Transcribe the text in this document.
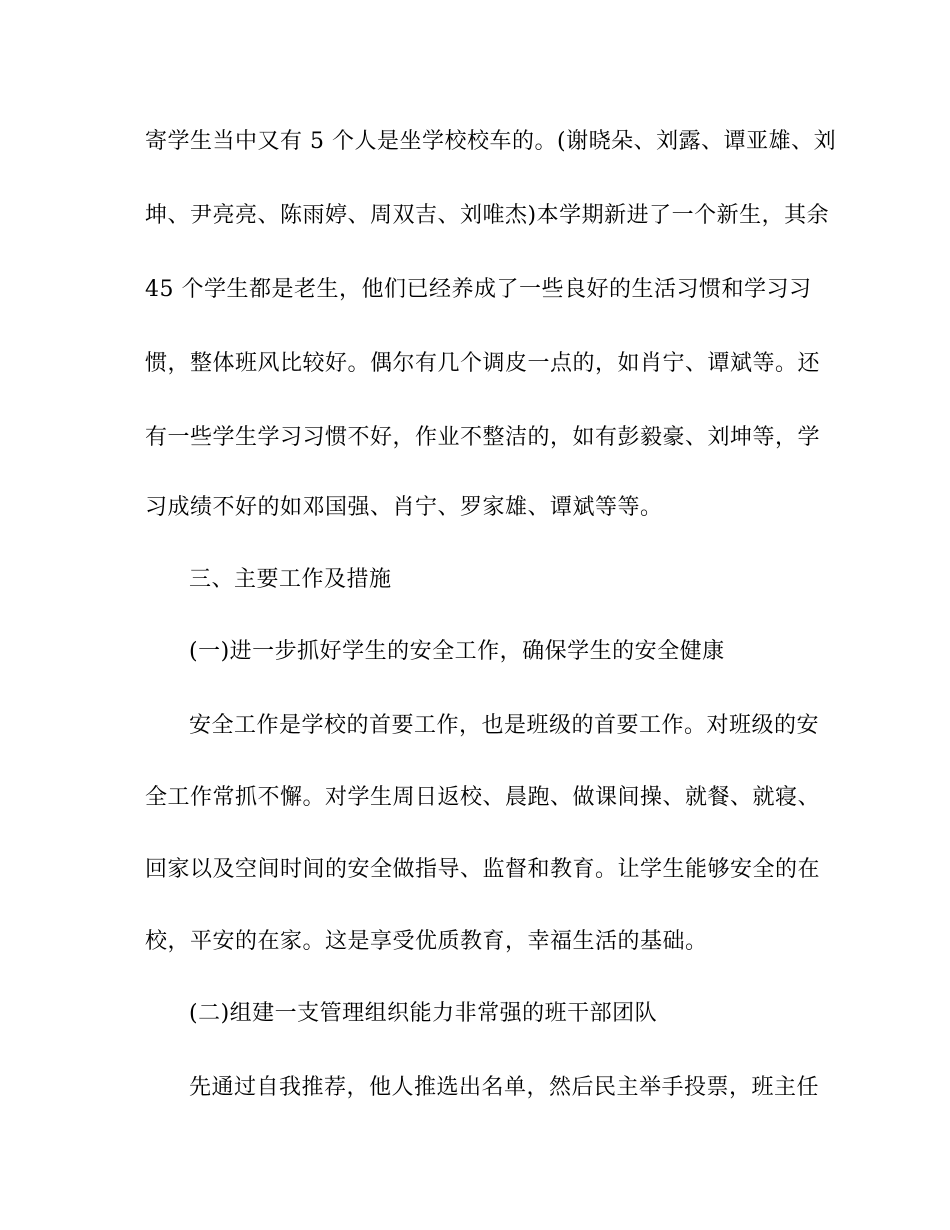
寄学生当中又有 5 个人是坐学校校车的。(谢晓朵、刘露、谭亚雄、刘
坤、尹亮亮、陈雨婷、周双吉、刘唯杰)本学期新进了一个新生，其余
45 个学生都是老生，他们已经养成了一些良好的生活习惯和学习习
惯，整体班风比较好。偶尔有几个调皮一点的，如肖宁、谭斌等。还
有一些学生学习习惯不好，作业不整洁的，如有彭毅豪、刘坤等，学
习成绩不好的如邓国强、肖宁、罗家雄、谭斌等等。
三、主要工作及措施
(一)进一步抓好学生的安全工作，确保学生的安全健康
安全工作是学校的首要工作，也是班级的首要工作。对班级的安
全工作常抓不懈。对学生周日返校、晨跑、做课间操、就餐、就寝、
回家以及空间时间的安全做指导、监督和教育。让学生能够安全的在
校，平安的在家。这是享受优质教育，幸福生活的基础。
(二)组建一支管理组织能力非常强的班干部团队
先通过自我推荐，他人推选出名单，然后民主举手投票，班主任
